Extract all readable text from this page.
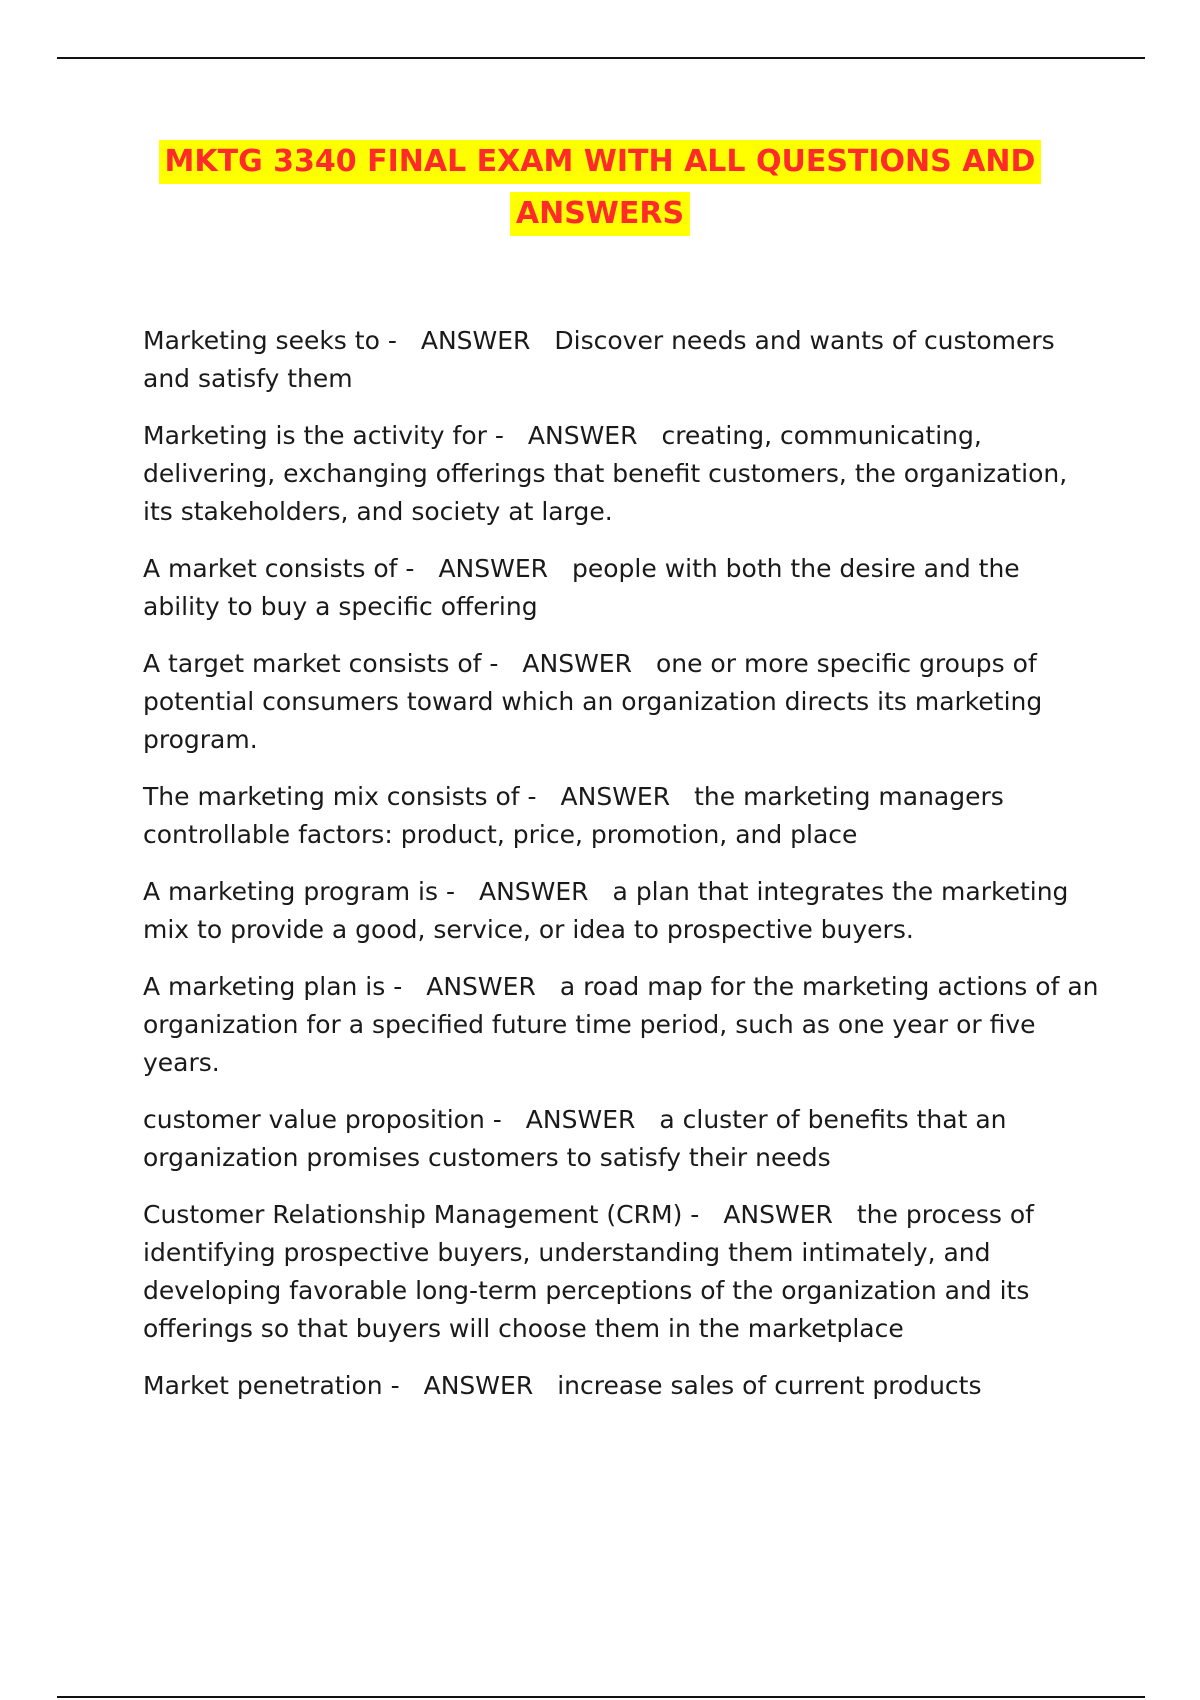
MKTG 3340 FINAL EXAM WITH ALL QUESTIONS AND
ANSWERS

Marketing seeks to - ANSWER Discover needs and wants of customers and satisfy them

Marketing is the activity for - ANSWER creating, communicating, delivering, exchanging offerings that benefit customers, the organization, its stakeholders, and society at large.

A market consists of - ANSWER people with both the desire and the ability to buy a specific offering

A target market consists of - ANSWER one or more specific groups of potential consumers toward which an organization directs its marketing program.

The marketing mix consists of - ANSWER the marketing managers controllable factors: product, price, promotion, and place

A marketing program is - ANSWER a plan that integrates the marketing mix to provide a good, service, or idea to prospective buyers.

A marketing plan is - ANSWER a road map for the marketing actions of an organization for a specified future time period, such as one year or five years.

customer value proposition - ANSWER a cluster of benefits that an organization promises customers to satisfy their needs

Customer Relationship Management (CRM) - ANSWER the process of identifying prospective buyers, understanding them intimately, and developing favorable long-term perceptions of the organization and its offerings so that buyers will choose them in the marketplace

Market penetration - ANSWER increase sales of current products
